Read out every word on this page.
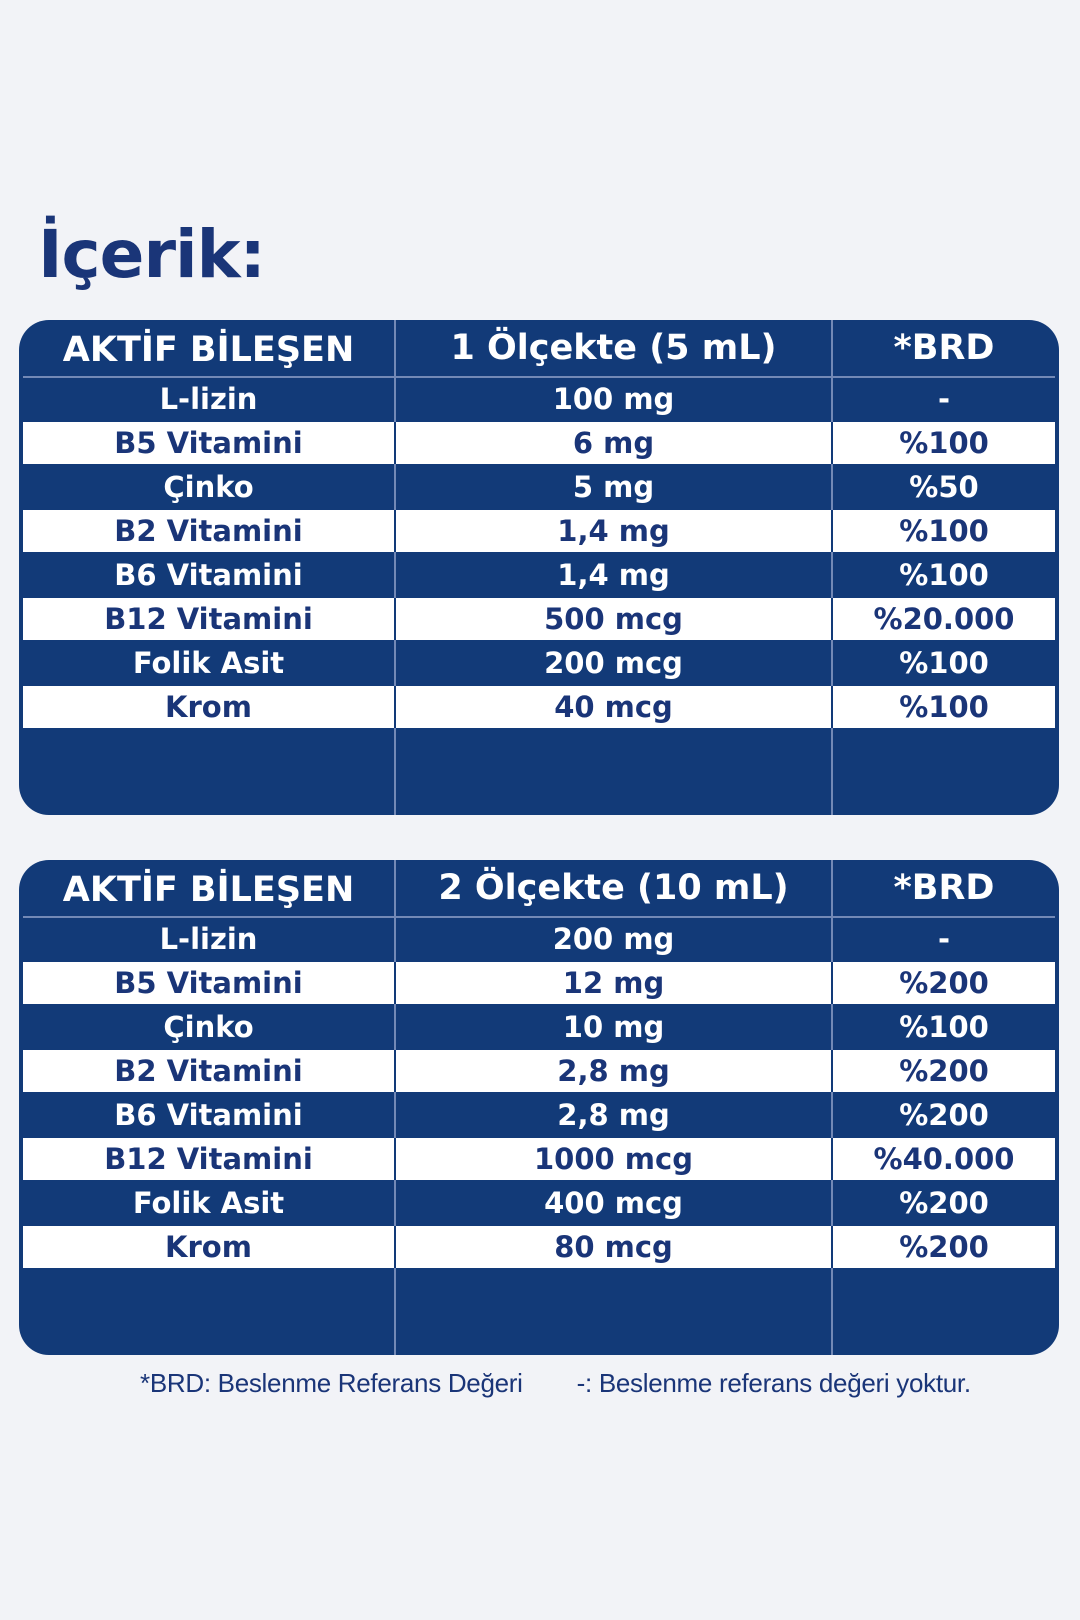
İçerik:
AKTİF BİLEŞEN	1 Ölçekte (5 mL)	*BRD
L-lizin	100 mg	-
B5 Vitamini	6 mg	%100
Çinko	5 mg	%50
B2 Vitamini	1,4 mg	%100
B6 Vitamini	1,4 mg	%100
B12 Vitamini	500 mcg	%20.000
Folik Asit	200 mcg	%100
Krom	40 mcg	%100
AKTİF BİLEŞEN	2 Ölçekte (10 mL)	*BRD
L-lizin	200 mg	-
B5 Vitamini	12 mg	%200
Çinko	10 mg	%100
B2 Vitamini	2,8 mg	%200
B6 Vitamini	2,8 mg	%200
B12 Vitamini	1000 mcg	%40.000
Folik Asit	400 mcg	%200
Krom	80 mcg	%200
*BRD: Beslenme Referans Değeri -: Beslenme referans değeri yoktur.
